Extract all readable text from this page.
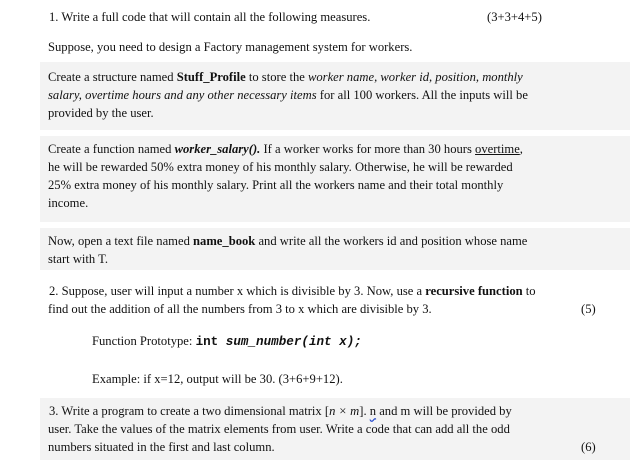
1. Write a full code that will contain all the following measures.	(3+3+4+5)
Suppose, you need to design a Factory management system for workers.
Create a structure named Stuff_Profile to store the worker name, worker id, position, monthly
salary, overtime hours and any other necessary items for all 100 workers. All the inputs will be
provided by the user.
Create a function named worker_salary(). If a worker works for more than 30 hours overtime,
he will be rewarded 50% extra money of his monthly salary. Otherwise, he will be rewarded
25% extra money of his monthly salary. Print all the workers name and their total monthly
income.
Now, open a text file named name_book and write all the workers id and position whose name
start with T.
2. Suppose, user will input a number x which is divisible by 3. Now, use a recursive function to
find out the addition of all the numbers from 3 to x which are divisible by 3.	(5)
Function Prototype: int sum_number(int x);
Example: if x=12, output will be 30. (3+6+9+12).
3. Write a program to create a two dimensional matrix [n × m]. n and m will be provided by
user. Take the values of the matrix elements from user. Write a code that can add all the odd
numbers situated in the first and last column.	(6)
